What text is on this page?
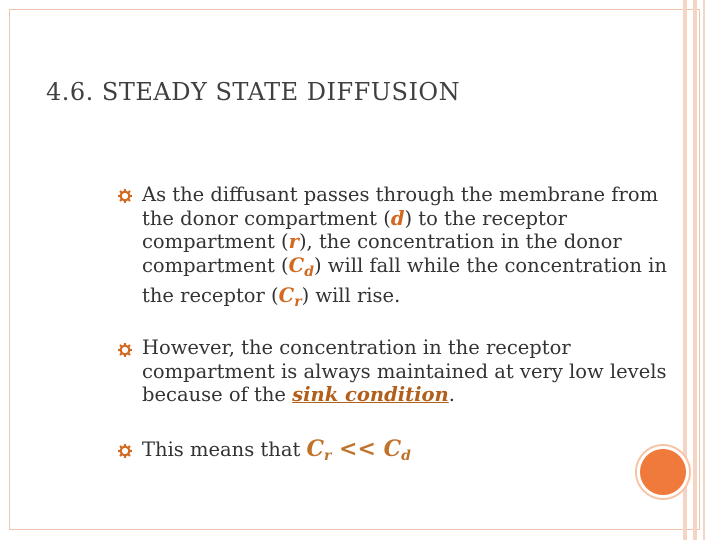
4.6. STEADY STATE DIFFUSION
As the diffusant passes through the membrane from the donor compartment (d) to the receptor compartment (r), the concentration in the donor compartment $(C_d)$ will fall while the concentration in the receptor $(C_r)$ will rise.
However, the concentration in the receptor compartment is always maintained at very low levels because of the sink condition.
This means that $C_r << C_d$
